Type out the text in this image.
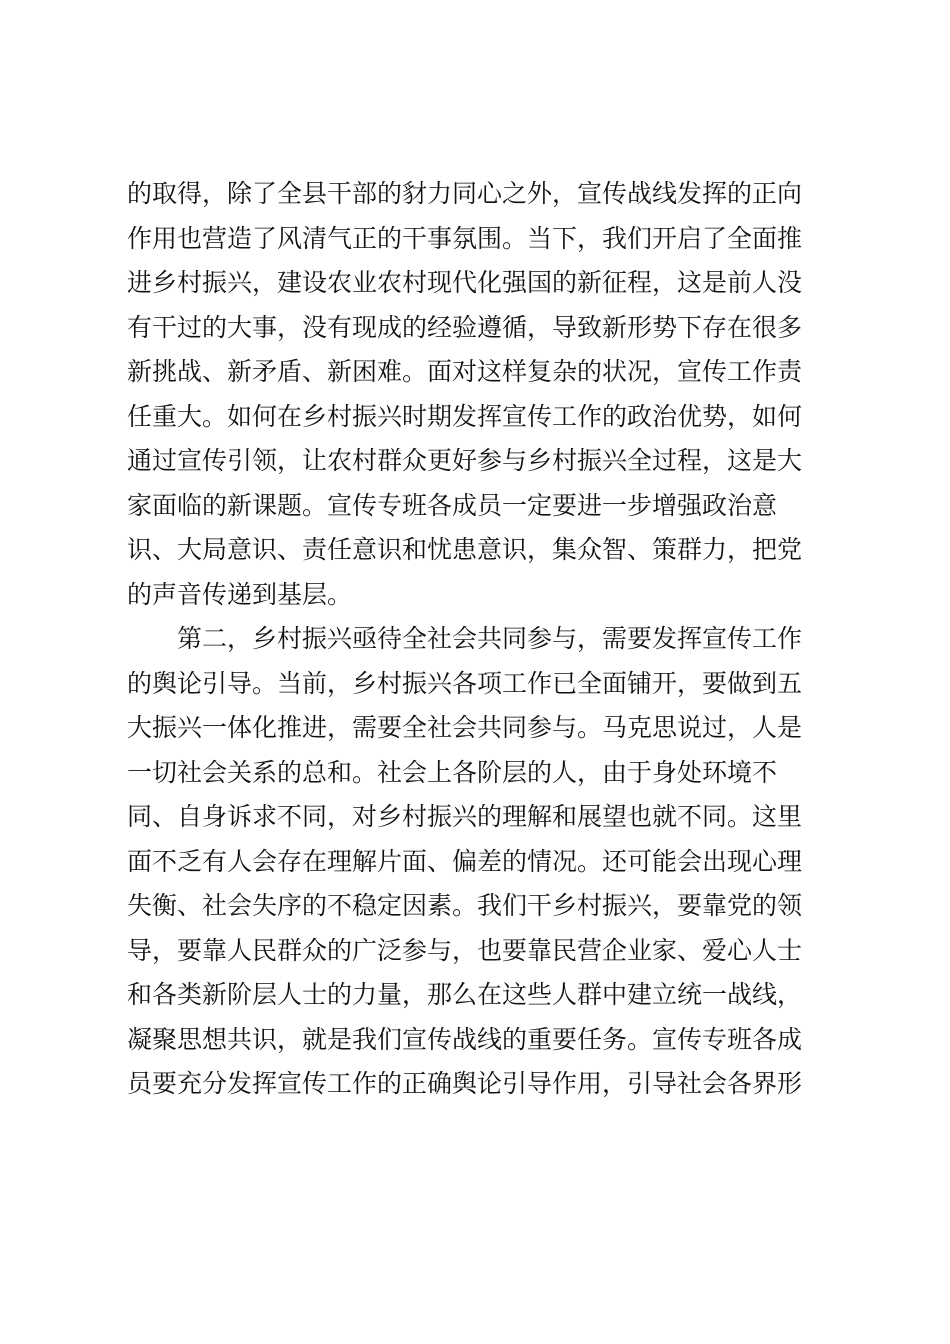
的取得，除了全县干部的豺力同心之外，宣传战线发挥的正向
作用也营造了风清气正的干事氛围。当下，我们开启了全面推
进乡村振兴，建设农业农村现代化强国的新征程，这是前人没
有干过的大事，没有现成的经验遵循，导致新形势下存在很多
新挑战、新矛盾、新困难。面对这样复杂的状况，宣传工作责
任重大。如何在乡村振兴时期发挥宣传工作的政治优势，如何
通过宣传引领，让农村群众更好参与乡村振兴全过程，这是大
家面临的新课题。宣传专班各成员一定要进一步增强政治意
识、大局意识、责任意识和忧患意识，集众智、策群力，把党
的声音传递到基层。
第二，乡村振兴亟待全社会共同参与，需要发挥宣传工作
的舆论引导。当前，乡村振兴各项工作已全面铺开，要做到五
大振兴一体化推进，需要全社会共同参与。马克思说过，人是
一切社会关系的总和。社会上各阶层的人，由于身处环境不
同、自身诉求不同，对乡村振兴的理解和展望也就不同。这里
面不乏有人会存在理解片面、偏差的情况。还可能会出现心理
失衡、社会失序的不稳定因素。我们干乡村振兴，要靠党的领
导，要靠人民群众的广泛参与，也要靠民营企业家、爱心人士
和各类新阶层人士的力量，那么在这些人群中建立统一战线，
凝聚思想共识，就是我们宣传战线的重要任务。宣传专班各成
员要充分发挥宣传工作的正确舆论引导作用，引导社会各界形
